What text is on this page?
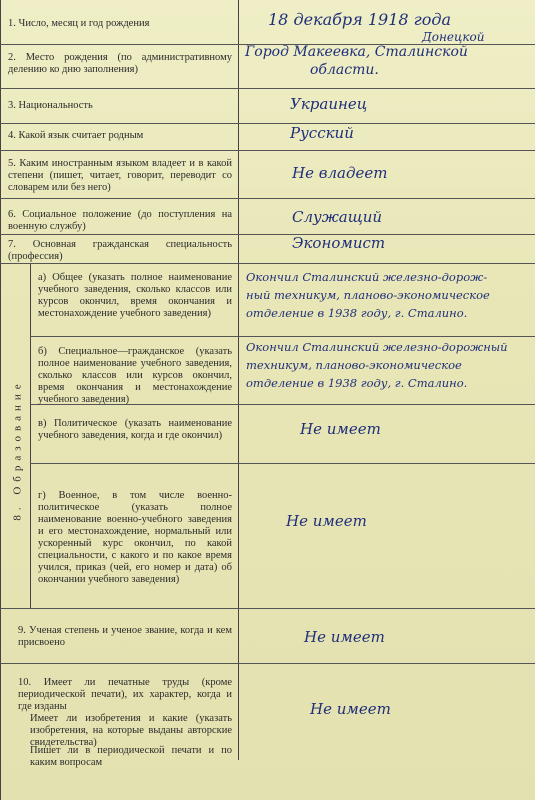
1. Число, месяц и год рождения
2. Место рождения (по административному делению ко дню заполнения)
3. Национальность
4. Какой язык считает родным
5. Каким иностранным языком владеет и в какой степени (пишет, читает, говорит, переводит со словарем или без него)
6. Социальное положение (до поступления на военную службу)
7. Основная гражданская специальность (профессия)
18 декабря 1918 года
Донецкой
Город Макеевка, Сталинской
области.
Украинец
Русский
Не владеет
Служащий
Экономист
8. Образование
а) Общее (указать полное наименование учебного заведения, сколько классов или курсов окончил, время окончания и местонахождение учебного заведения)
б) Специальное—гражданское (указать полное наименование учебного заведения, сколько классов или курсов окончил, время окончания и местонахождение учебного заведения)
в) Политическое (указать наименование учебного заведения, когда и где окончил)
г) Военное, в том числе военно-политическое (указать полное наименование военно-учебного заведения и его местонахождение, нормальный или ускоренный курс окончил, по какой специальности, с какого и по какое время учился, приказ (чей, его номер и дата) об окончании учебного заведения)
Окончил Сталинский железно-дорож-
ный техникум, планово-экономическое
отделение в 1938 году, г. Сталино.
Окончил Сталинский железно-дорожный
техникум, планово-экономическое
отделение в 1938 году, г. Сталино.
Не имеет
Не имеет
9. Ученая степень и ученое звание, когда и кем присвоено	Не имеет
10. Имеет ли печатные труды (кроме периодической печати), их характер, когда и где изданы
Имеет ли изобретения и какие (указать изобретения, на которые выданы авторские свидетельства)
Пишет ли в периодической печати и по каким вопросам
Не имеет
